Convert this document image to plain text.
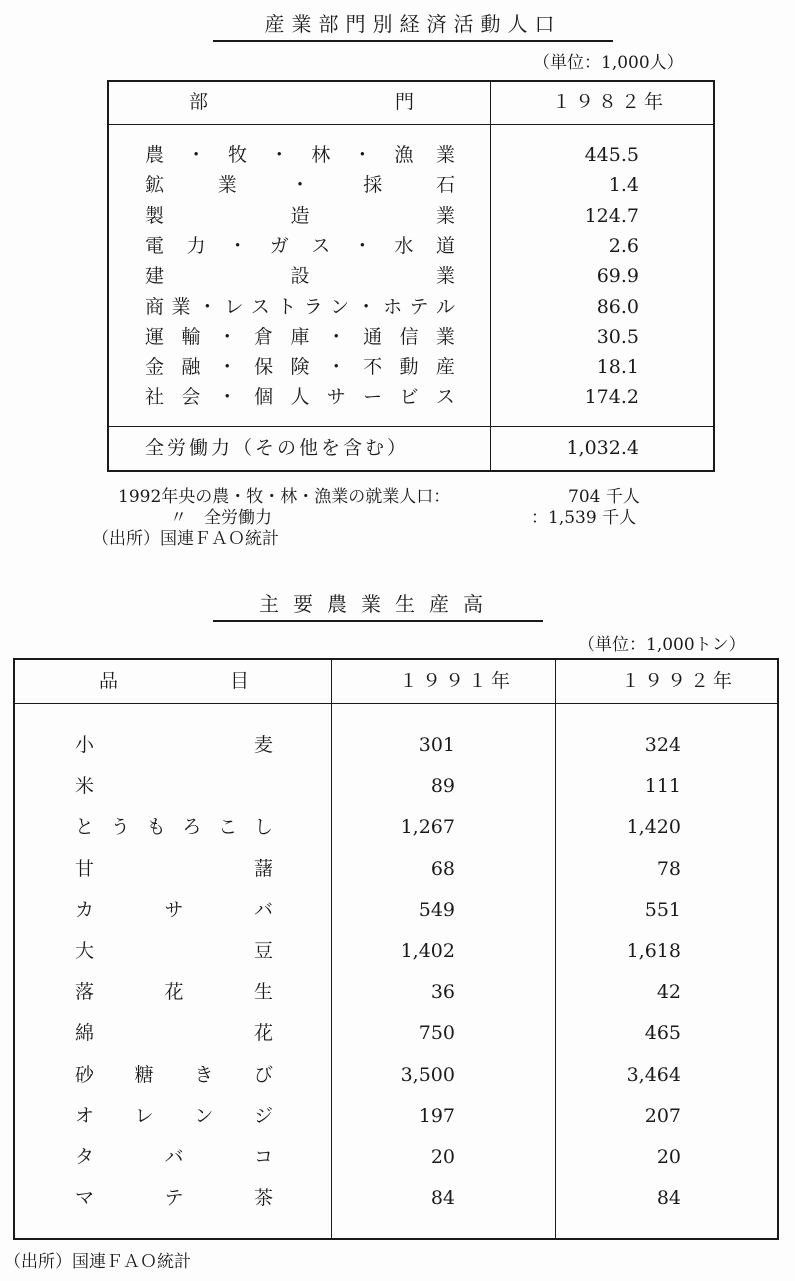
産業部門別経済活動人口
（単位：1,000人）
部	門	１９８２年
農 ・ 牧 ・ 林 ・ 漁 業	445.5
鉱	業	・	採	石	1.4
製	造	業	124.7
電 力 ・ ガ ス ・ 水 道	2.6
建	設	業	69.9
商 業 ・ レ ス ト ラ ン ・ ホ テ ル	86.0
運 輸 ・ 倉 庫 ・ 通 信 業	30.5
金 融 ・ 保 険 ・ 不 動 産	18.1
社 会 ・ 個 人 サ ー ビ ス	174.2
全労働力（その他を含む）	1,032.4
1992年央の農・牧・林・漁業の就業人口：	704 千人
〃　全労働力	：1,539 千人
（出所）国連ＦＡＯ統計
主要農業生産高
（単位：1,000トン）
品	目	１９９１年	１９９２年
小	麦	301	324
米	89	111
と う も ろ こ し	1,267	1,420
甘	藷	68	78
カ	サ	バ	549	551
大	豆	1,402	1,618
落	花	生	36	42
綿	花	750	465
砂 糖 き び	3,500	3,464
オ レ ン ジ	197	207
タ	バ	コ	20	20
マ	テ	茶	84	84
（出所）国連ＦＡＯ統計
